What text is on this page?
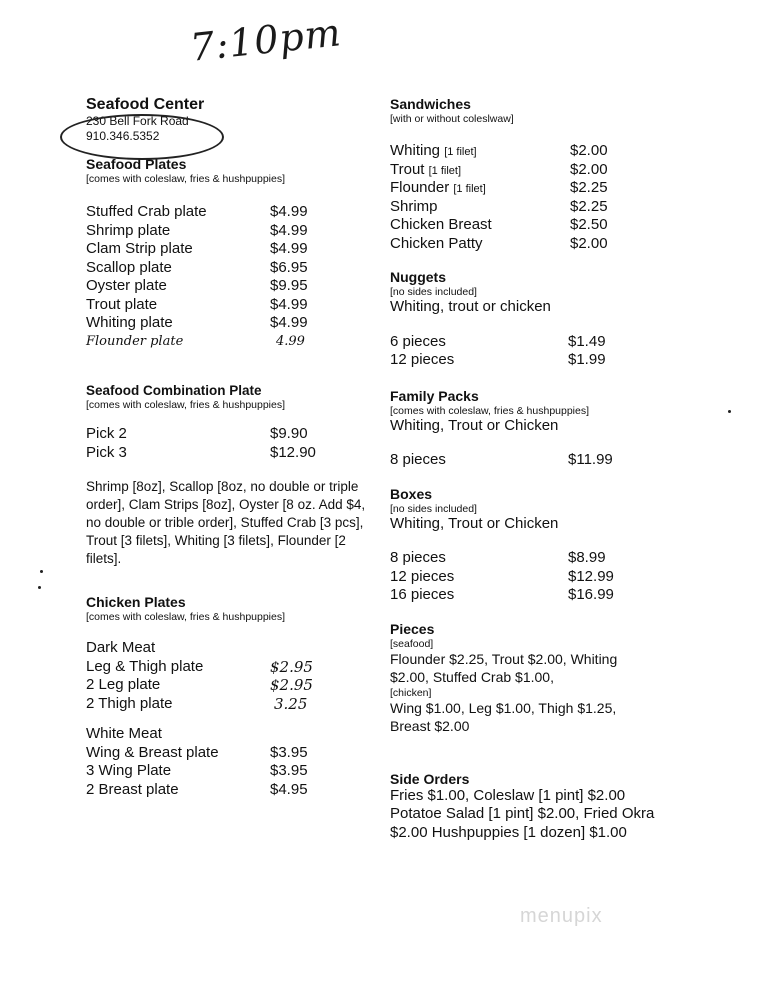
7:10pm
Seafood Center
230 Bell Fork Road
910.346.5352
Seafood Plates
[comes with coleslaw, fries & hushpuppies]
Stuffed Crab plate	$4.99
Shrimp plate	$4.99
Clam Strip plate	$4.99
Scallop plate	$6.95
Oyster plate	$9.95
Trout plate	$4.99
Whiting plate	$4.99
Flounder plate	4.99
Seafood Combination Plate
[comes with coleslaw, fries & hushpuppies]
Pick 2	$9.90
Pick 3	$12.90
Shrimp [8oz], Scallop [8oz, no double or triple order], Clam Strips [8oz], Oyster [8 oz. Add $4, no double or trible order], Stuffed Crab [3 pcs], Trout [3 filets], Whiting [3 filets], Flounder [2 filets].
Chicken Plates
[comes with coleslaw, fries & hushpuppies]
Dark Meat
Leg & Thigh plate	$2.95
2 Leg plate	$2.95
2 Thigh plate	3.25
White Meat
Wing & Breast plate	$3.95
3 Wing Plate	$3.95
2 Breast plate	$4.95
Sandwiches
[with or without coleslwaw]
Whiting [1 filet]	$2.00
Trout [1 filet]	$2.00
Flounder [1 filet]	$2.25
Shrimp	$2.25
Chicken Breast	$2.50
Chicken Patty	$2.00
Nuggets
[no sides included]
Whiting, trout or chicken
6 pieces	$1.49
12 pieces	$1.99
Family Packs
[comes with coleslaw, fries & hushpuppies]
Whiting, Trout or Chicken
8 pieces	$11.99
Boxes
[no sides included]
Whiting, Trout or Chicken
8 pieces	$8.99
12 pieces	$12.99
16 pieces	$16.99
Pieces
[seafood]
Flounder $2.25, Trout $2.00, Whiting $2.00, Stuffed Crab $1.00,
[chicken]
Wing $1.00, Leg $1.00, Thigh $1.25, Breast $2.00
Side Orders
Fries $1.00, Coleslaw [1 pint] $2.00
Potatoe Salad [1 pint] $2.00, Fried Okra
$2.00 Hushpuppies [1 dozen] $1.00
menupix
